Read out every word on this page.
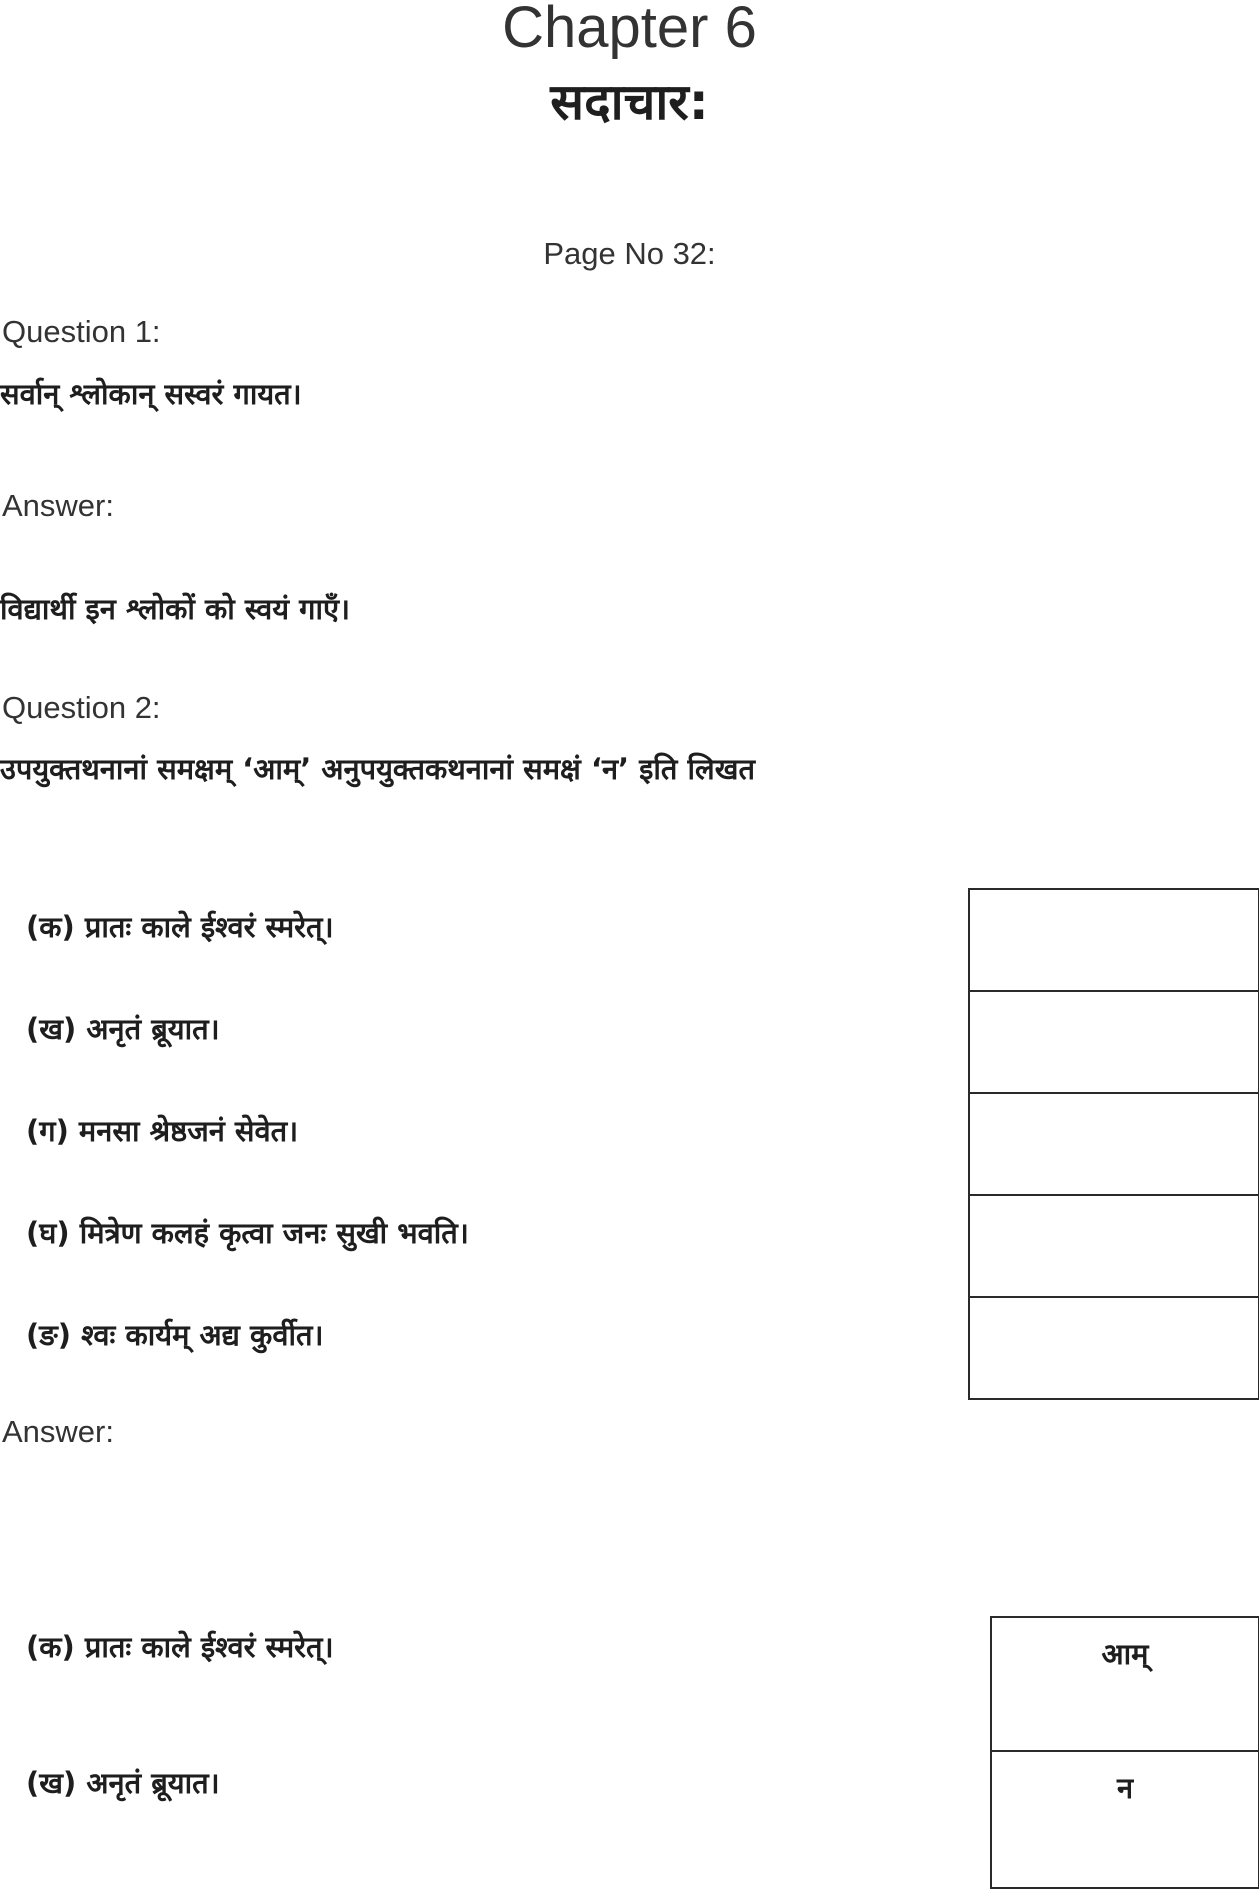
Chapter 6
सदाचार:
Page No 32:
Question 1:
सर्वान् श्लोकान् सस्वरं गायत।
Answer:
विद्यार्थी इन श्लोकों को स्वयं गाएँ।
Question 2:
उपयुक्तथनानां समक्षम् ‘आम्’ अनुपयुक्तकथनानां समक्षं ‘न’ इति लिखत
(क) प्रातः काले ईश्वरं स्मरेत्।
(ख) अनृतं ब्रूयात।
(ग) मनसा श्रेष्ठजनं सेवेत।
(घ) मित्रेण कलहं कृत्वा जनः सुखी भवति।
(ङ) श्वः कार्यम् अद्य कुर्वीत।
Answer:
(क) प्रातः काले ईश्वरं स्मरेत्।
(ख) अनृतं ब्रूयात।
आम्
न
